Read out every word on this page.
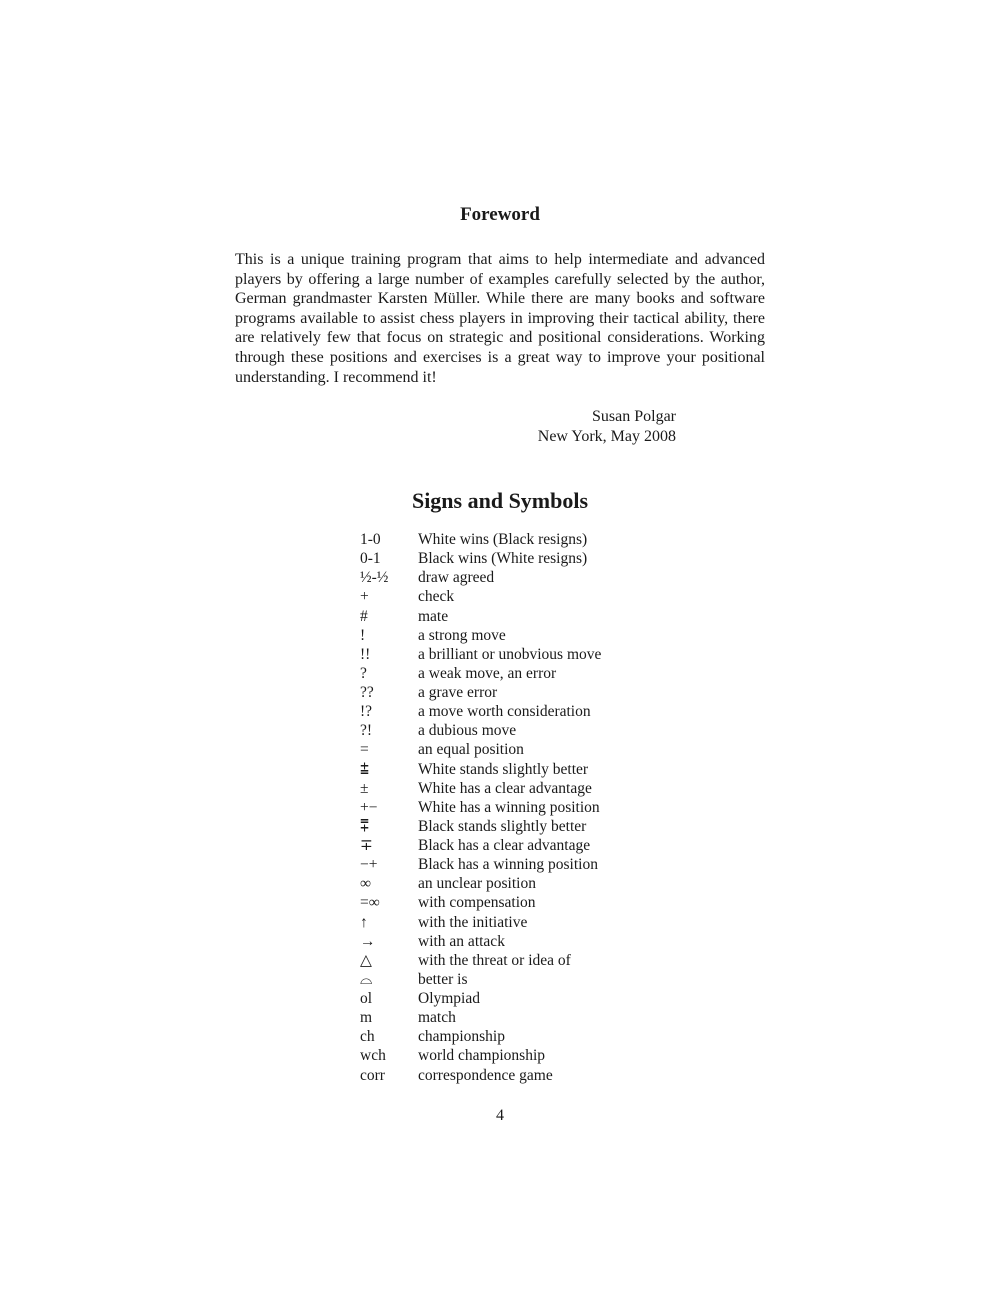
Foreword

This is a unique training program that aims to help intermediate and advanced players by offering a large number of examples carefully selected by the author, German grandmaster Karsten Müller. While there are many books and software programs available to assist chess players in improving their tactical ability, there are relatively few that focus on strategic and positional considerations. Working through these positions and exercises is a great way to improve your positional understanding. I recommend it!

Susan Polgar
New York, May 2008
Signs and Symbols
1-0	White wins (Black resigns)
0-1	Black wins (White resigns)
½-½	draw agreed
+	check
#	mate
!	a strong move
!!	a brilliant or unobvious move
?	a weak move, an error
??	a grave error
!?	a move worth consideration
?!	a dubious move
=	an equal position
⩲	White stands slightly better
±	White has a clear advantage
+−	White has a winning position
⩱	Black stands slightly better
∓	Black has a clear advantage
−+	Black has a winning position
∞	an unclear position
=∞	with compensation
↑	with the initiative
→	with an attack
△	with the threat or idea of
⌓	better is
ol	Olympiad
m	match
ch	championship
wch	world championship
corr	correspondence game
4
